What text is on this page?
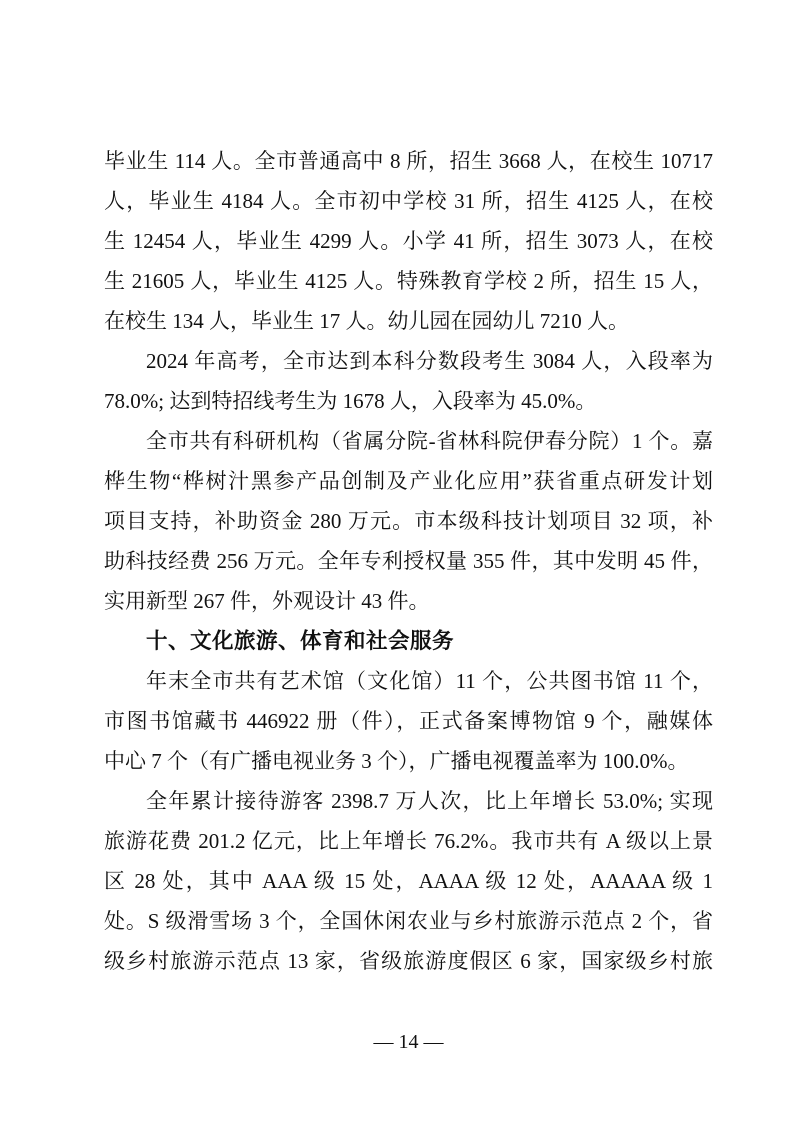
毕业生 114 人。全市普通高中 8 所，招生 3668 人，在校生 10717
人，毕业生 4184 人。全市初中学校 31 所，招生 4125 人，在校
生 12454 人，毕业生 4299 人。小学 41 所，招生 3073 人，在校
生 21605 人，毕业生 4125 人。特殊教育学校 2 所，招生 15 人，
在校生 134 人，毕业生 17 人。幼儿园在园幼儿 7210 人。
2024 年高考，全市达到本科分数段考生 3084 人，入段率为
78.0%; 达到特招线考生为 1678 人，入段率为 45.0%。
全市共有科研机构（省属分院-省林科院伊春分院）1 个。嘉
桦生物“桦树汁黑参产品创制及产业化应用”获省重点研发计划
项目支持，补助资金 280 万元。市本级科技计划项目 32 项，补
助科技经费 256 万元。全年专利授权量 355 件，其中发明 45 件，
实用新型 267 件，外观设计 43 件。
十、文化旅游、体育和社会服务
年末全市共有艺术馆（文化馆）11 个，公共图书馆 11 个，
市图书馆藏书 446922 册（件），正式备案博物馆 9 个，融媒体
中心 7 个（有广播电视业务 3 个），广播电视覆盖率为 100.0%。
全年累计接待游客 2398.7 万人次，比上年增长 53.0%; 实现
旅游花费 201.2 亿元，比上年增长 76.2%。我市共有 A 级以上景
区 28 处，其中 AAA 级 15 处，AAAA 级 12 处，AAAAA 级 1
处。S 级滑雪场 3 个，全国休闲农业与乡村旅游示范点 2 个，省
级乡村旅游示范点 13 家，省级旅游度假区 6 家，国家级乡村旅
— 14 —
